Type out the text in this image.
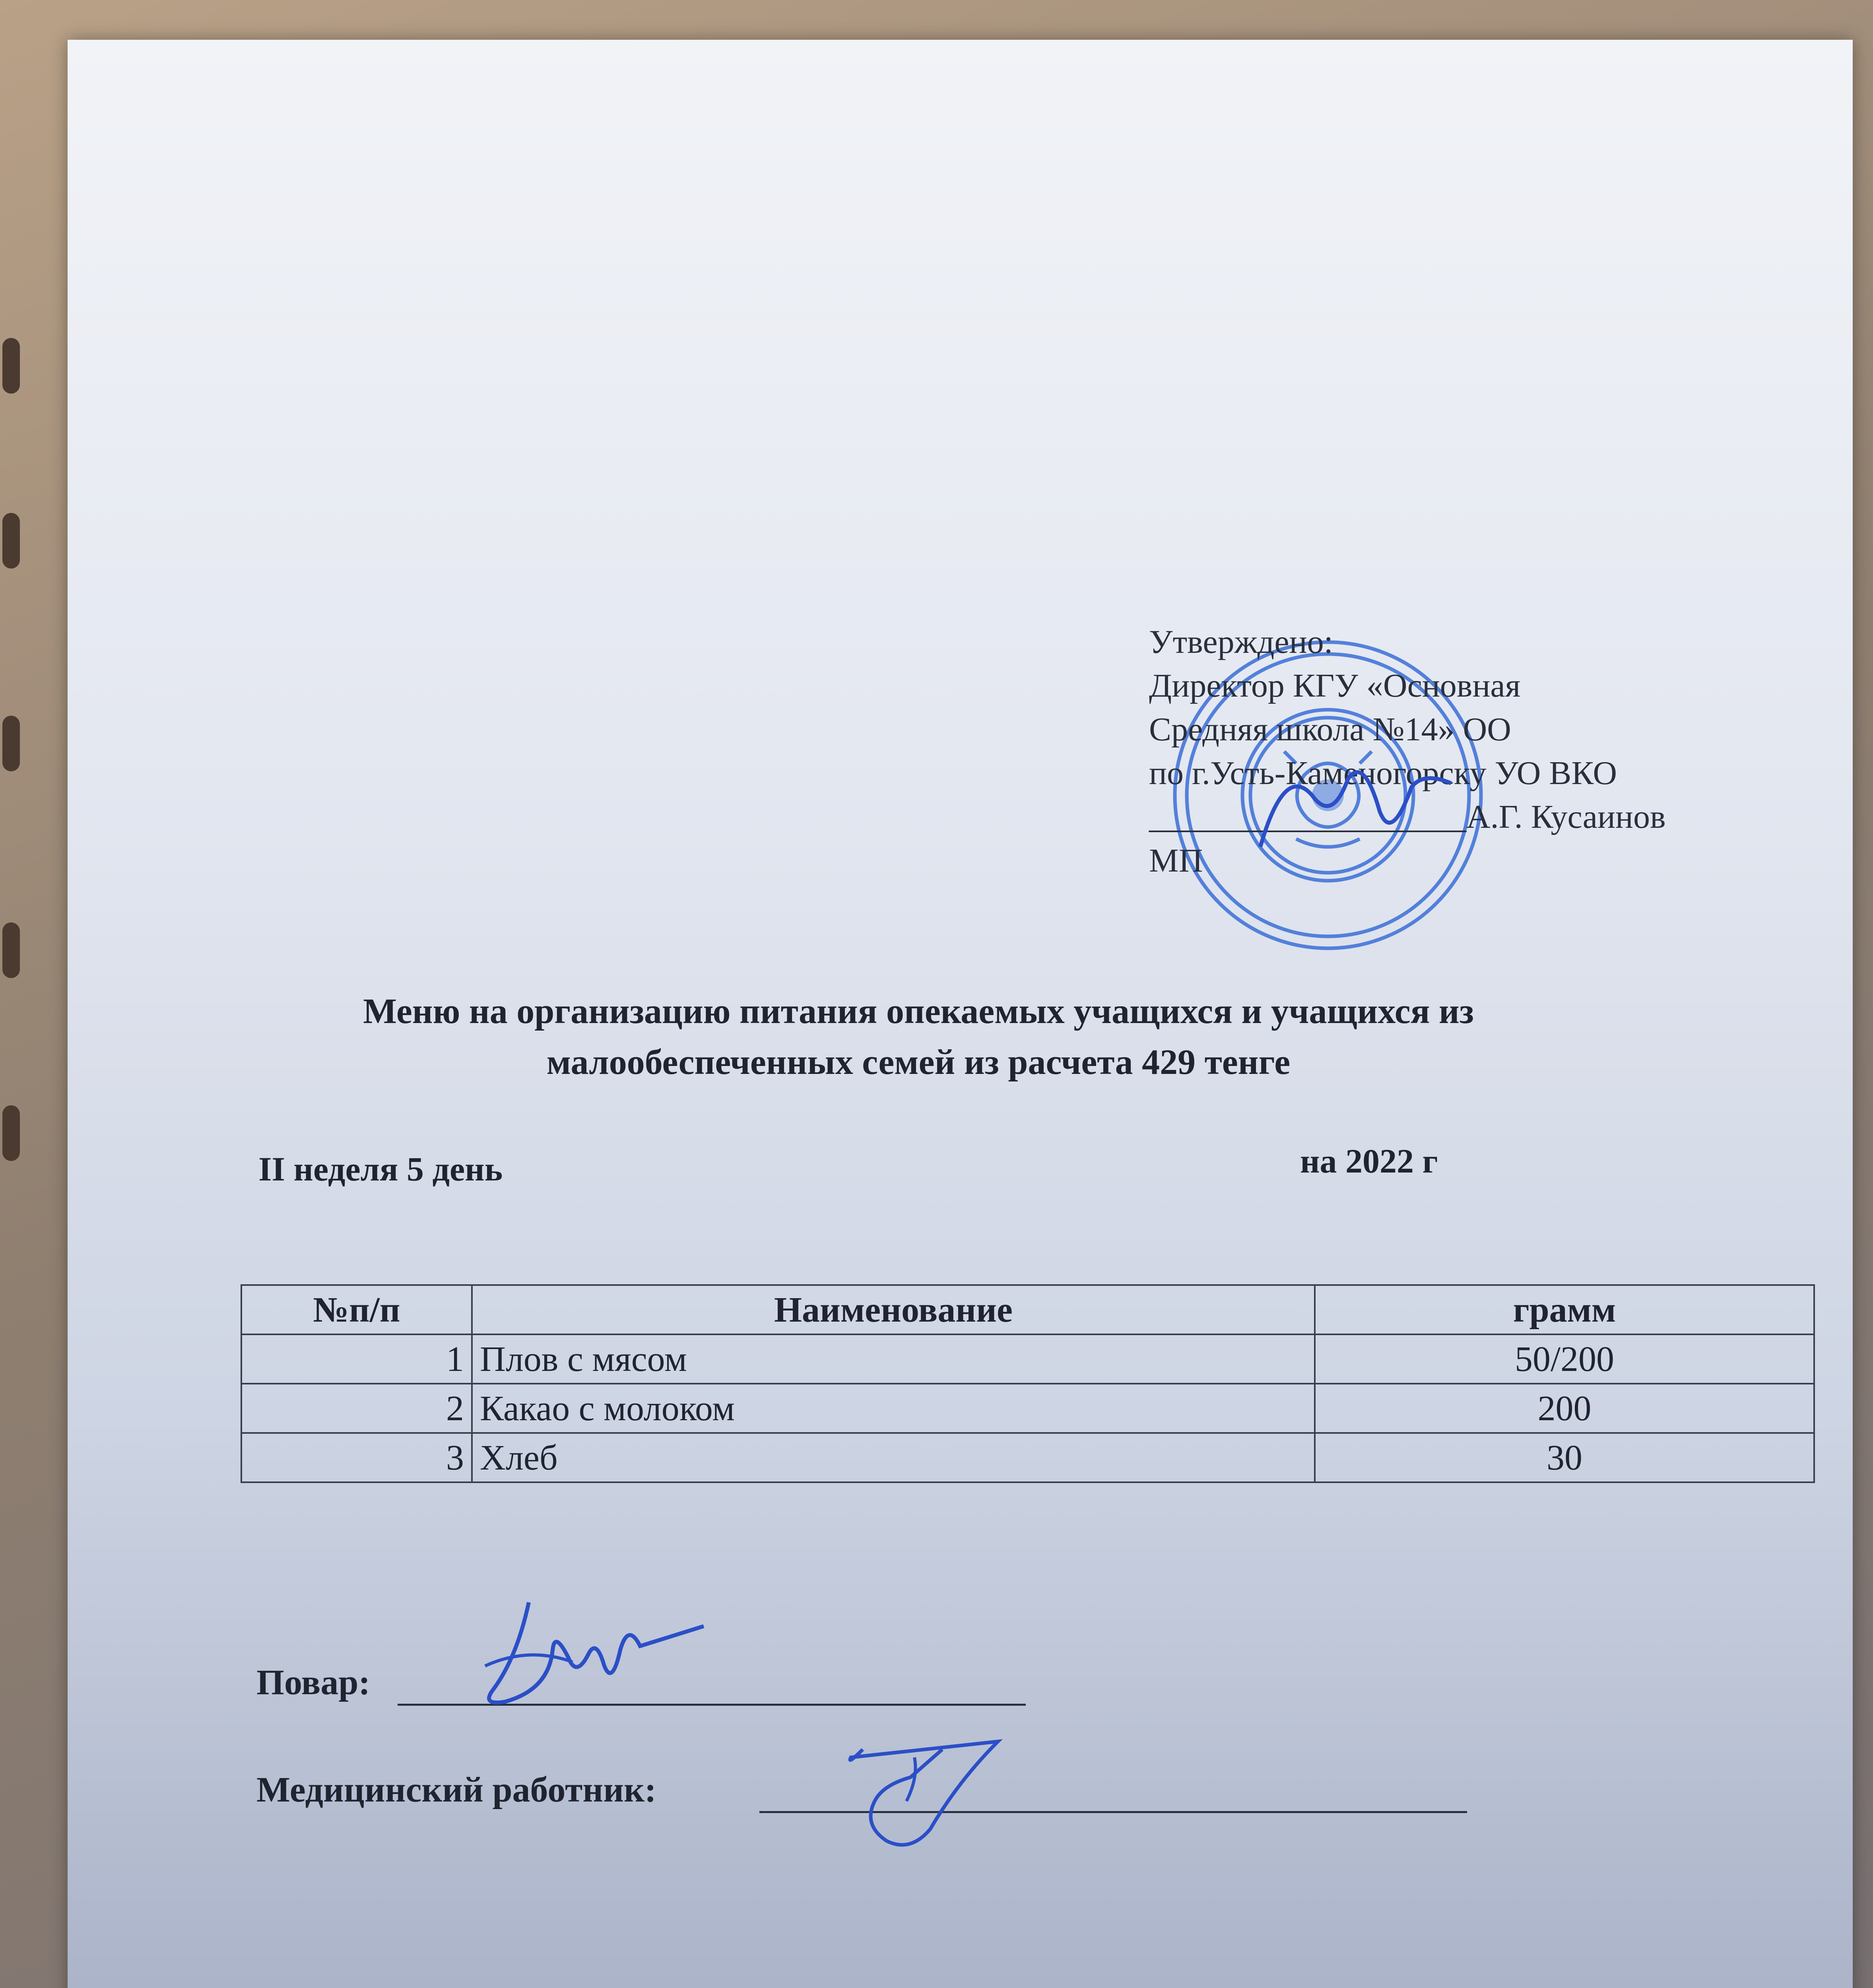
Утверждено:
Директор КГУ «Основная
Средняя школа №14» ОО
по г.Усть-Каменогорску УО ВКО
___________________А.Г. Кусаинов
МП
Меню на организацию питания опекаемых учащихся и учащихся из малообеспеченных семей из расчета 429 тенге
II неделя 5 день	на 2022 г
№п/п	Наименование	грамм
1	Плов с мясом	50/200
2	Какао с молоком	200
3	Хлеб	30
Повар:
Медицинский работник:
